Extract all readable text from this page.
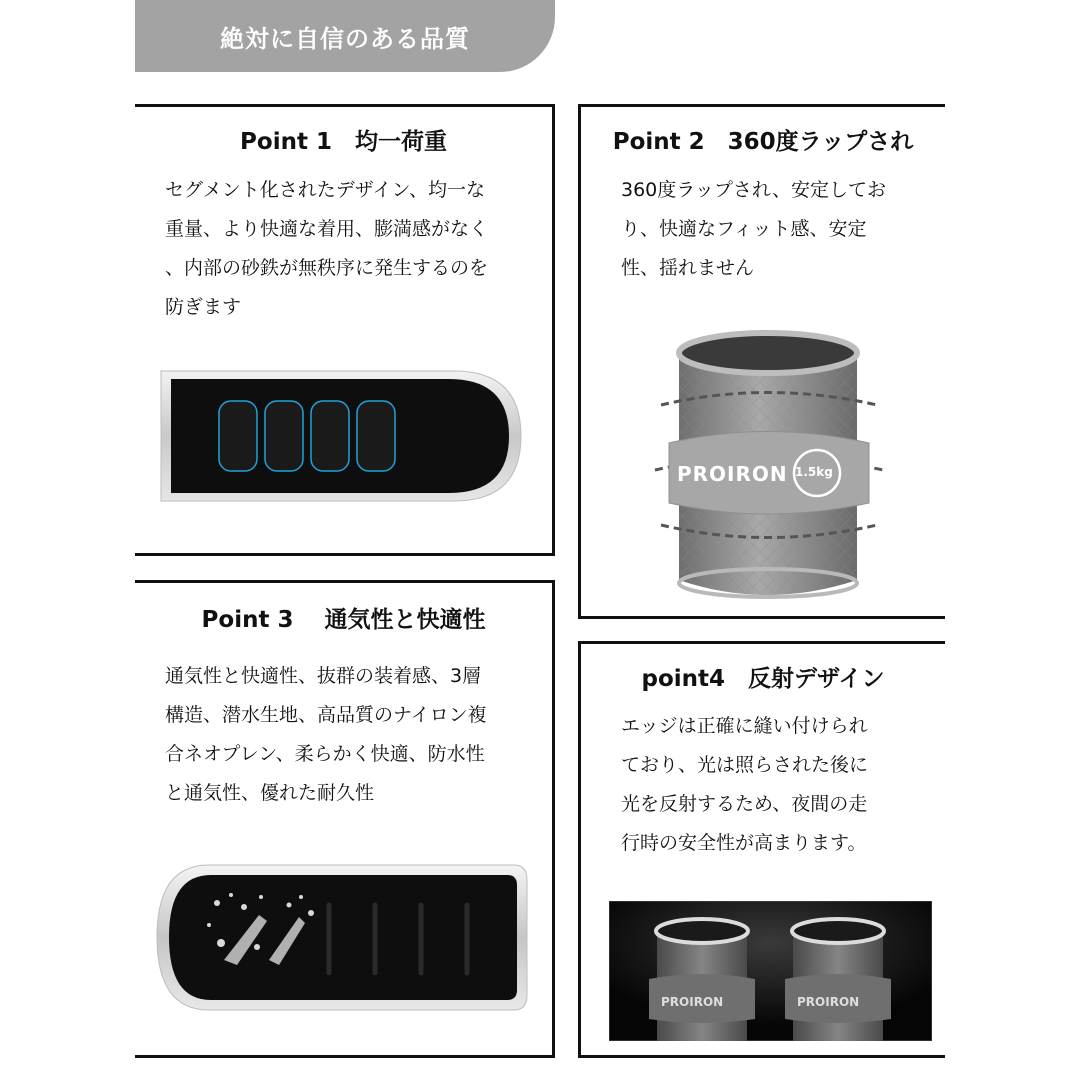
絶対に自信のある品質
Point 1　均一荷重
セグメント化されたデザイン、均一な
重量、より快適な着用、膨満感がなく
、内部の砂鉄が無秩序に発生するのを
防ぎます
Point 2　360度ラップされ
360度ラップされ、安定してお
り、快適なフィット感、安定
性、揺れません
PROIRON 1.5kg
Point 3　 通気性と快適性
通気性と快適性、抜群の装着感、3層
構造、潜水生地、高品質のナイロン複
合ネオプレン、柔らかく快適、防水性
と通気性、優れた耐久性
point4　反射デザイン
エッジは正確に縫い付けられ
ており、光は照らされた後に
光を反射するため、夜間の走
行時の安全性が高まります。
PROIRON	PROIRON
